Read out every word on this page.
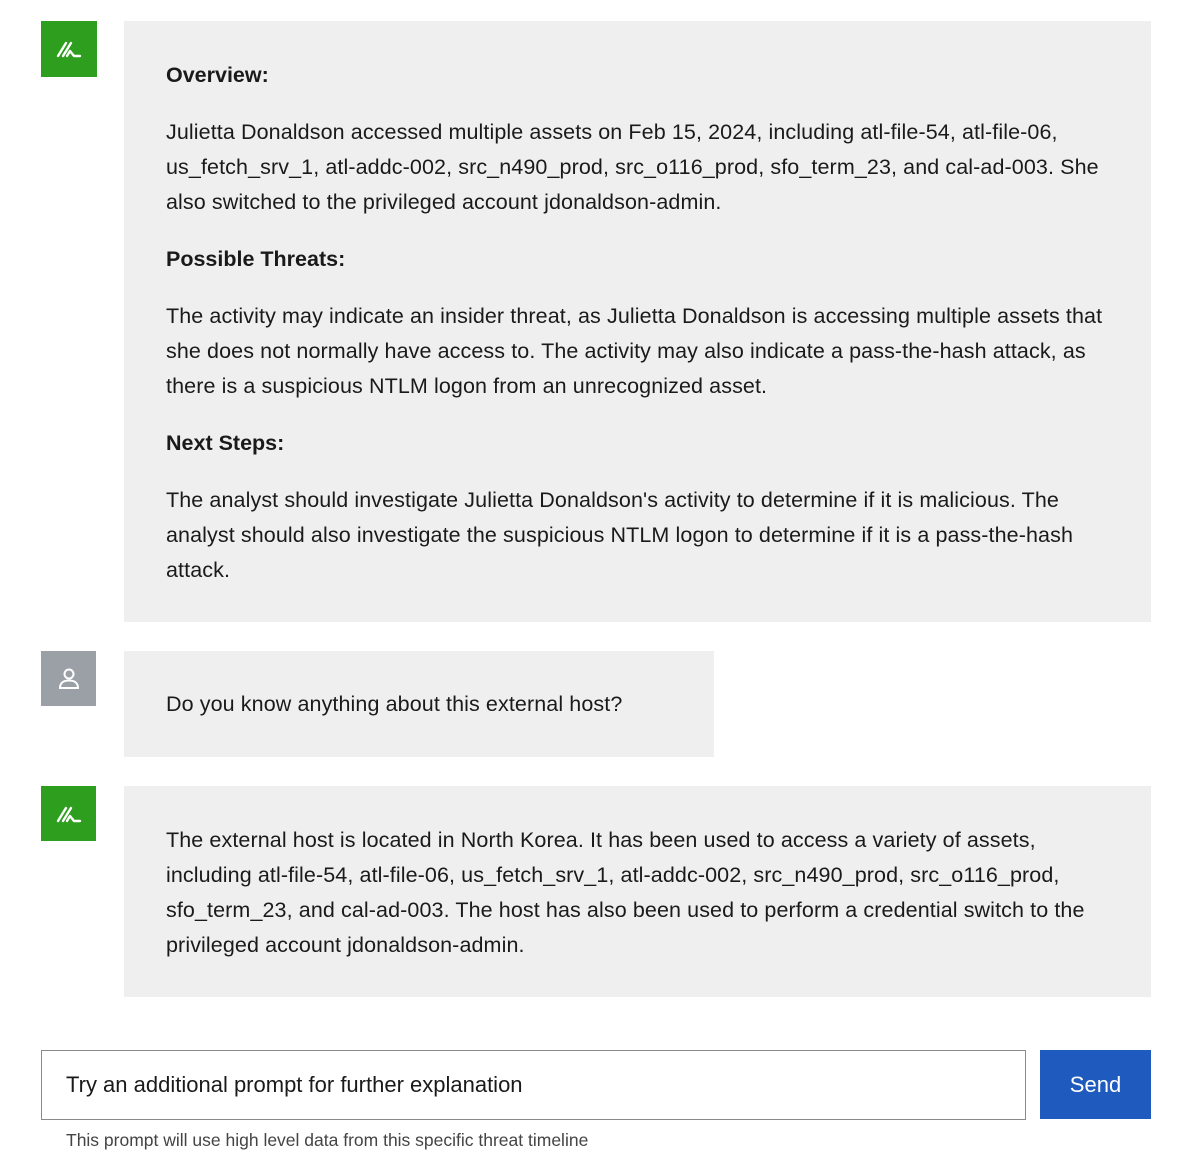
Overview:

Julietta Donaldson accessed multiple assets on Feb 15, 2024, including atl-file-54, atl-file-06, us_fetch_srv_1, atl-addc-002, src_n490_prod, src_o116_prod, sfo_term_23, and cal-ad-003. She also switched to the privileged account jdonaldson-admin.

Possible Threats:

The activity may indicate an insider threat, as Julietta Donaldson is accessing multiple assets that she does not normally have access to. The activity may also indicate a pass-the-hash attack, as there is a suspicious NTLM logon from an unrecognized asset.

Next Steps:

The analyst should investigate Julietta Donaldson's activity to determine if it is malicious. The analyst should also investigate the suspicious NTLM logon to determine if it is a pass-the-hash attack.

Do you know anything about this external host?

The external host is located in North Korea. It has been used to access a variety of assets, including atl-file-54, atl-file-06, us_fetch_srv_1, atl-addc-002, src_n490_prod, src_o116_prod, sfo_term_23, and cal-ad-003. The host has also been used to perform a credential switch to the privileged account jdonaldson-admin.

Try an additional prompt for further explanation
Send
This prompt will use high level data from this specific threat timeline
